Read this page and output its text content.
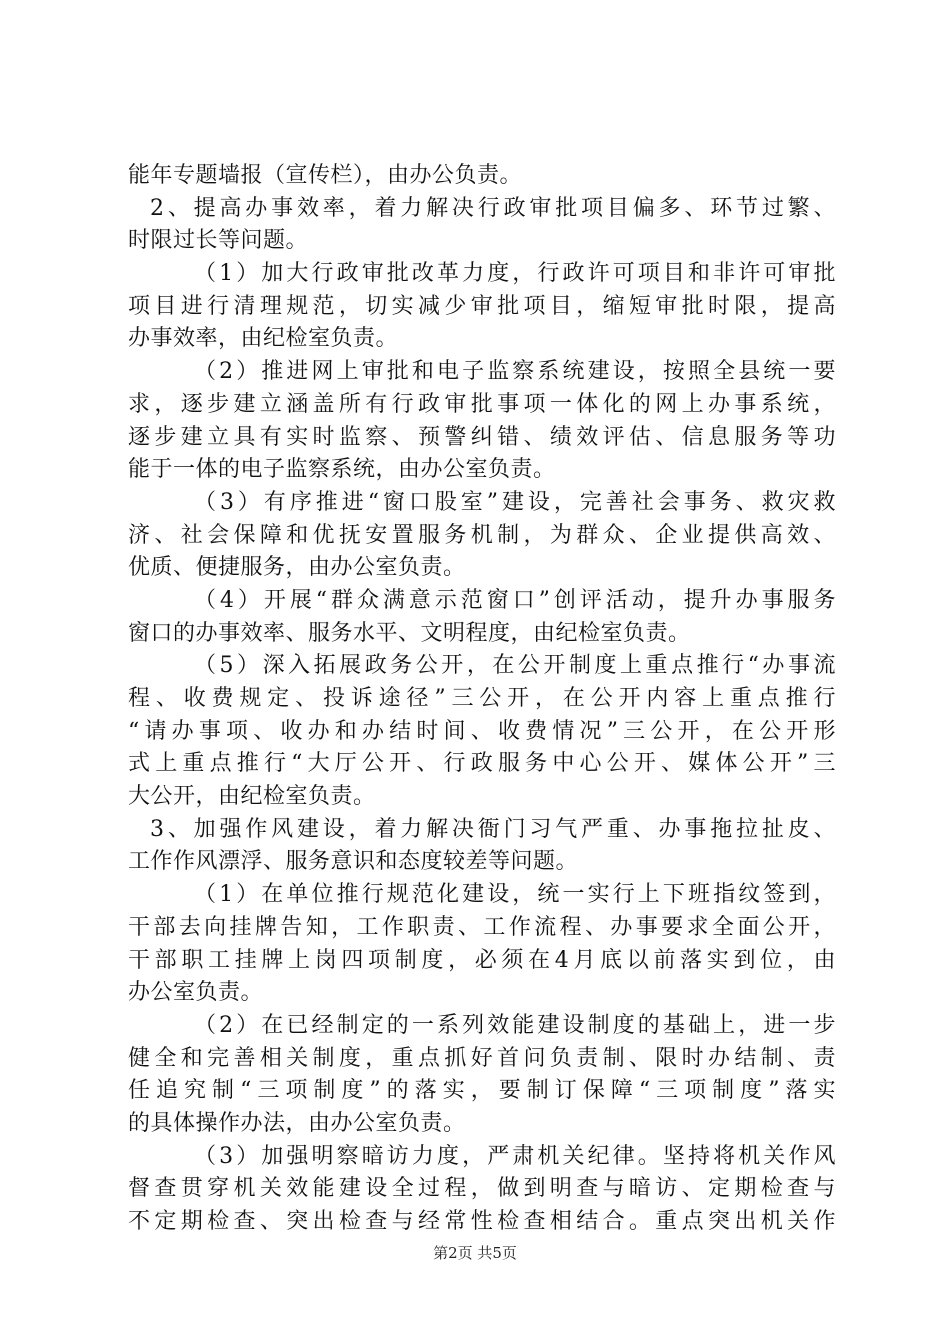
能年专题墙报（宣传栏），由办公负责。
2、提高办事效率，着力解决行政审批项目偏多、环节过繁、
时限过长等问题。
（1）加大行政审批改革力度，行政许可项目和非许可审批
项目进行清理规范，切实减少审批项目，缩短审批时限，提高
办事效率，由纪检室负责。
（2）推进网上审批和电子监察系统建设，按照全县统一要
求，逐步建立涵盖所有行政审批事项一体化的网上办事系统，
逐步建立具有实时监察、预警纠错、绩效评估、信息服务等功
能于一体的电子监察系统，由办公室负责。
（3）有序推进“窗口股室”建设，完善社会事务、救灾救
济、社会保障和优抚安置服务机制，为群众、企业提供高效、
优质、便捷服务，由办公室负责。
（4）开展“群众满意示范窗口”创评活动，提升办事服务
窗口的办事效率、服务水平、文明程度，由纪检室负责。
（5）深入拓展政务公开，在公开制度上重点推行“办事流
程、收费规定、投诉途径”三公开，在公开内容上重点推行
“请办事项、收办和办结时间、收费情况”三公开，在公开形
式上重点推行“大厅公开、行政服务中心公开、媒体公开”三
大公开，由纪检室负责。
3、加强作风建设，着力解决衙门习气严重、办事拖拉扯皮、
工作作风漂浮、服务意识和态度较差等问题。
（1）在单位推行规范化建设，统一实行上下班指纹签到，
干部去向挂牌告知，工作职责、工作流程、办事要求全面公开，
干部职工挂牌上岗四项制度，必须在4月底以前落实到位，由
办公室负责。
（2）在已经制定的一系列效能建设制度的基础上，进一步
健全和完善相关制度，重点抓好首问负责制、限时办结制、责
任追究制“三项制度”的落实，要制订保障“三项制度”落实
的具体操作办法，由办公室负责。
（3）加强明察暗访力度，严肃机关纪律。坚持将机关作风
督查贯穿机关效能建设全过程，做到明查与暗访、定期检查与
不定期检查、突出检查与经常性检查相结合。重点突出机关作
第2页 共5页
